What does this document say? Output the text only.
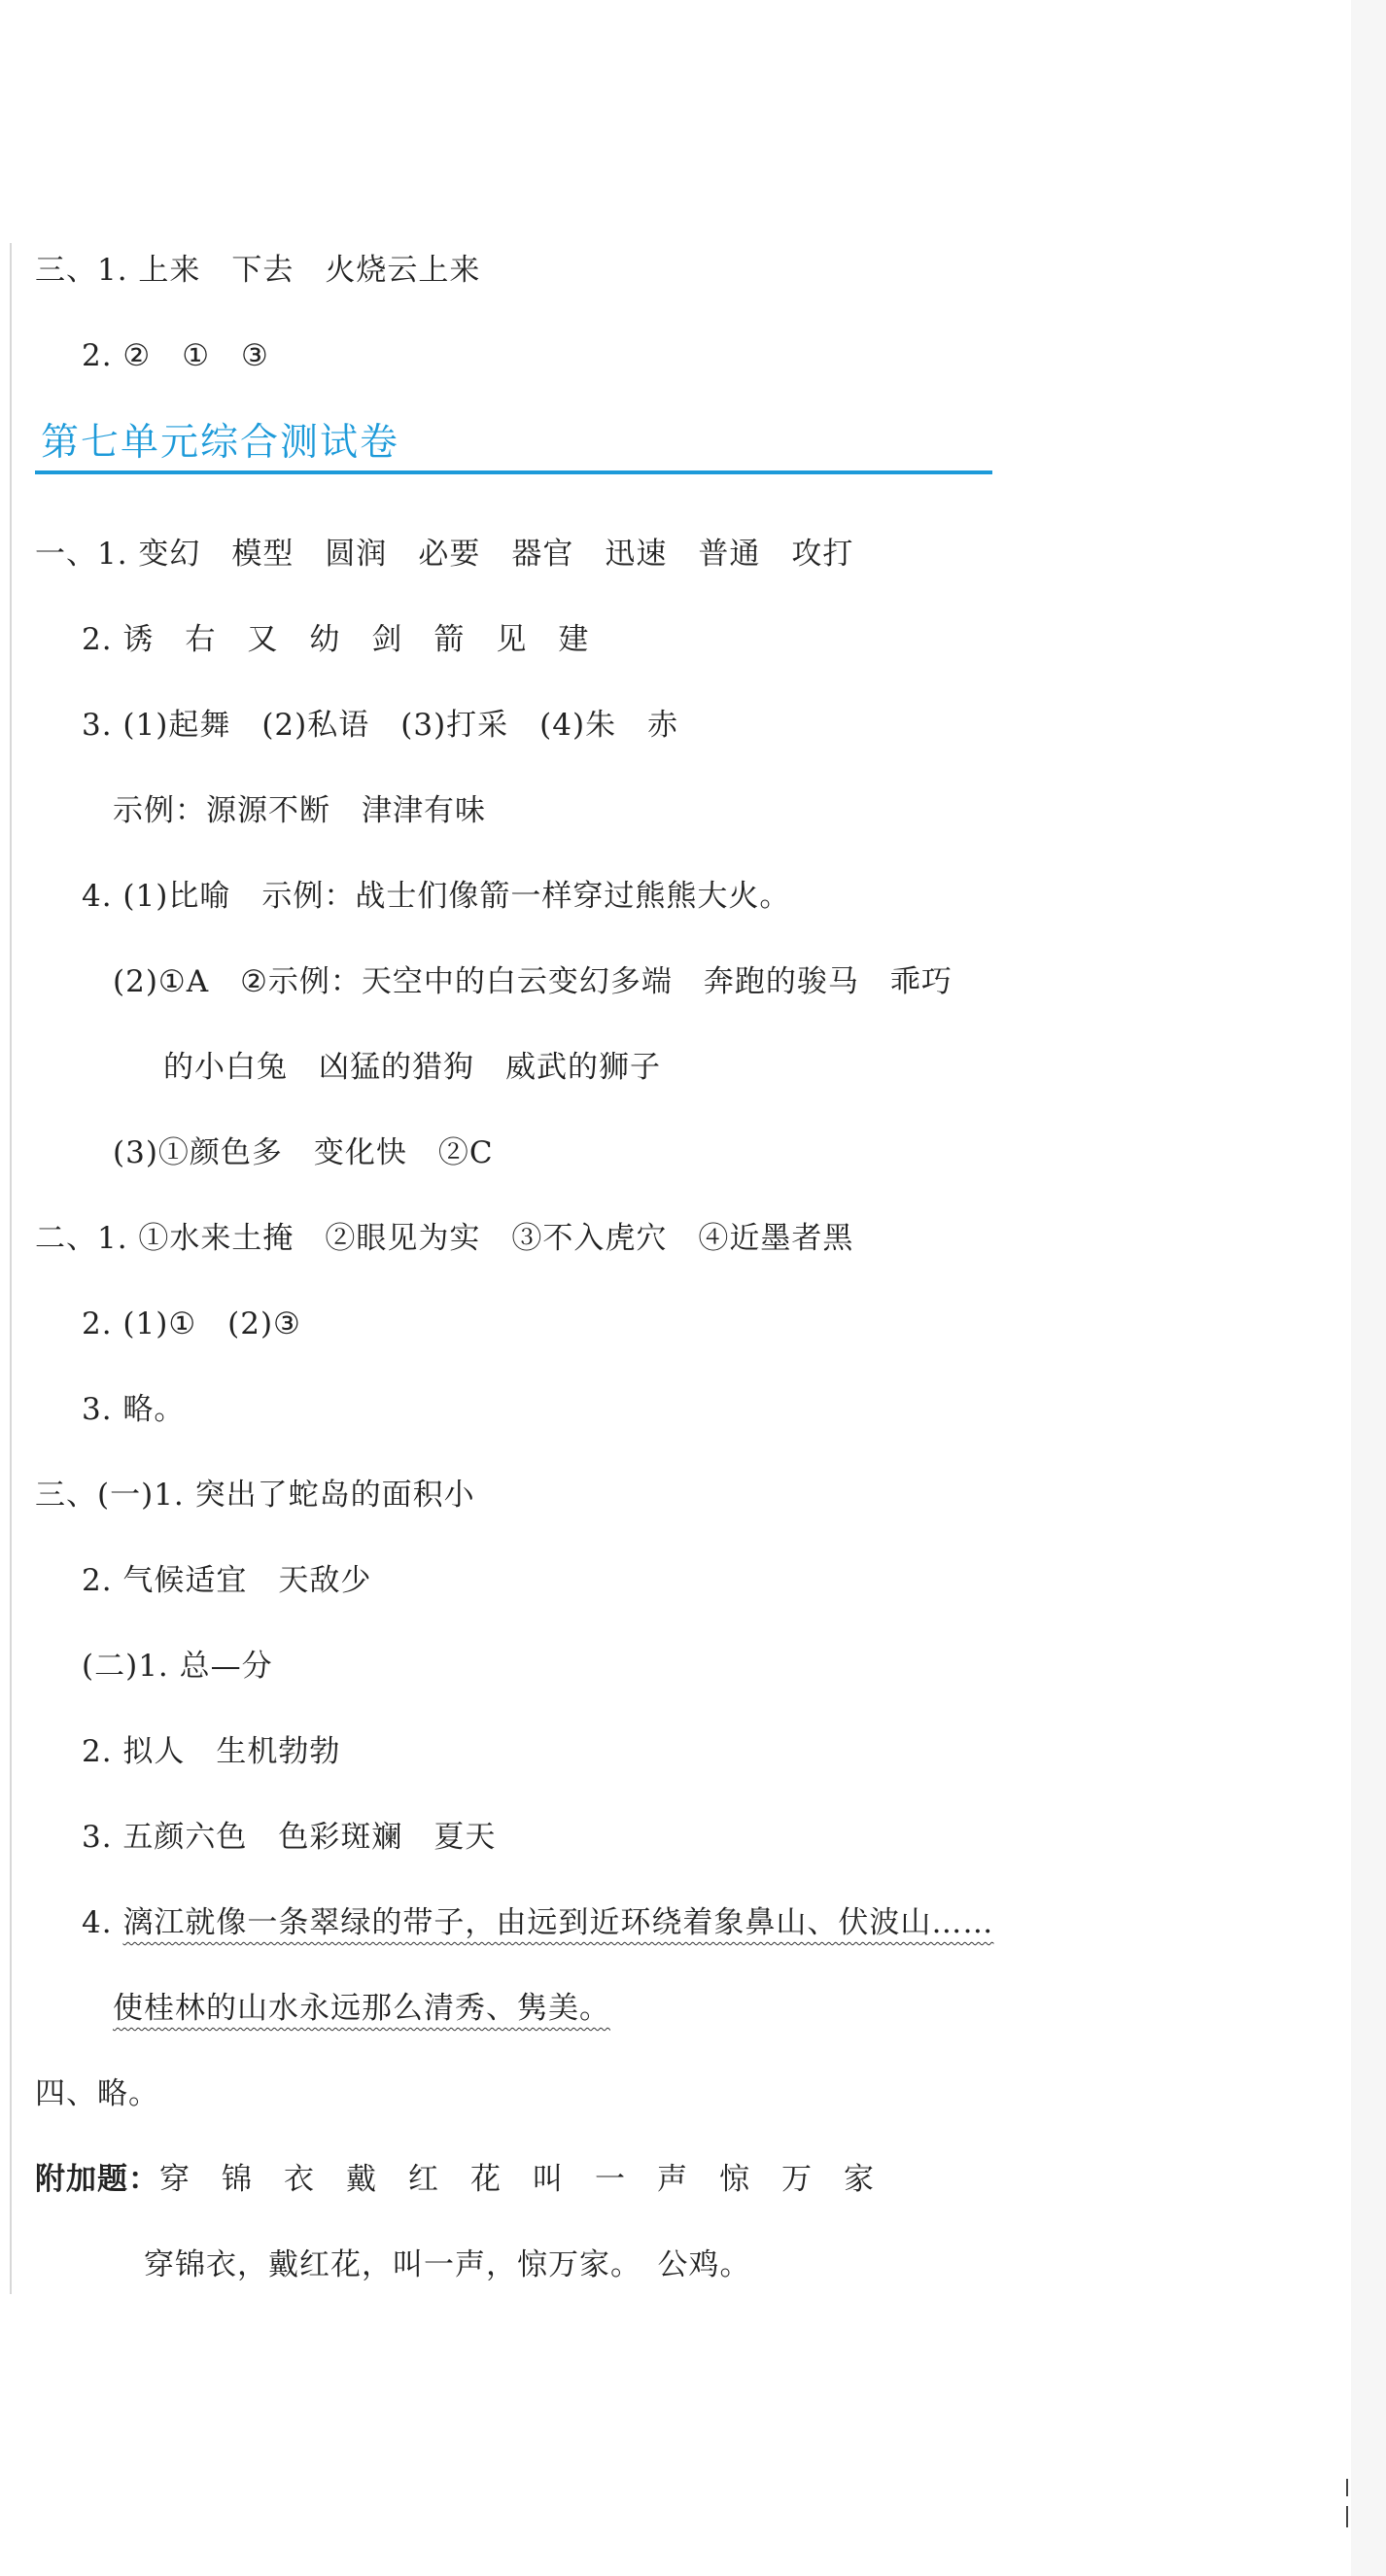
三、1. 上来　下去　火烧云上来
2. ②　①　③
第七单元综合测试卷
一、1. 变幻　模型　圆润　必要　器官　迅速　普通　攻打
2. 诱　右　又　幼　剑　箭　见　建
3. (1)起舞　(2)私语　(3)打采　(4)朱　赤
示例：源源不断　津津有味
4. (1)比喻　示例：战士们像箭一样穿过熊熊大火。
(2)①A　②示例：天空中的白云变幻多端　奔跑的骏马　乖巧
的小白兔　凶猛的猎狗　威武的狮子
(3)①颜色多　变化快　②C
二、1. ①水来土掩　②眼见为实　③不入虎穴　④近墨者黑
2. (1)①　(2)③
3. 略。
三、(一)1. 突出了蛇岛的面积小
2. 气候适宜　天敌少
(二)1. 总—分
2. 拟人　生机勃勃
3. 五颜六色　色彩斑斓　夏天
4. 漓江就像一条翠绿的带子，由远到近环绕着象鼻山、伏波山……
使桂林的山水永远那么清秀、隽美。
四、略。
附加题：穿　锦　衣　戴　红　花　叫　一　声　惊　万　家
穿锦衣，戴红花，叫一声，惊万家。　公鸡。
